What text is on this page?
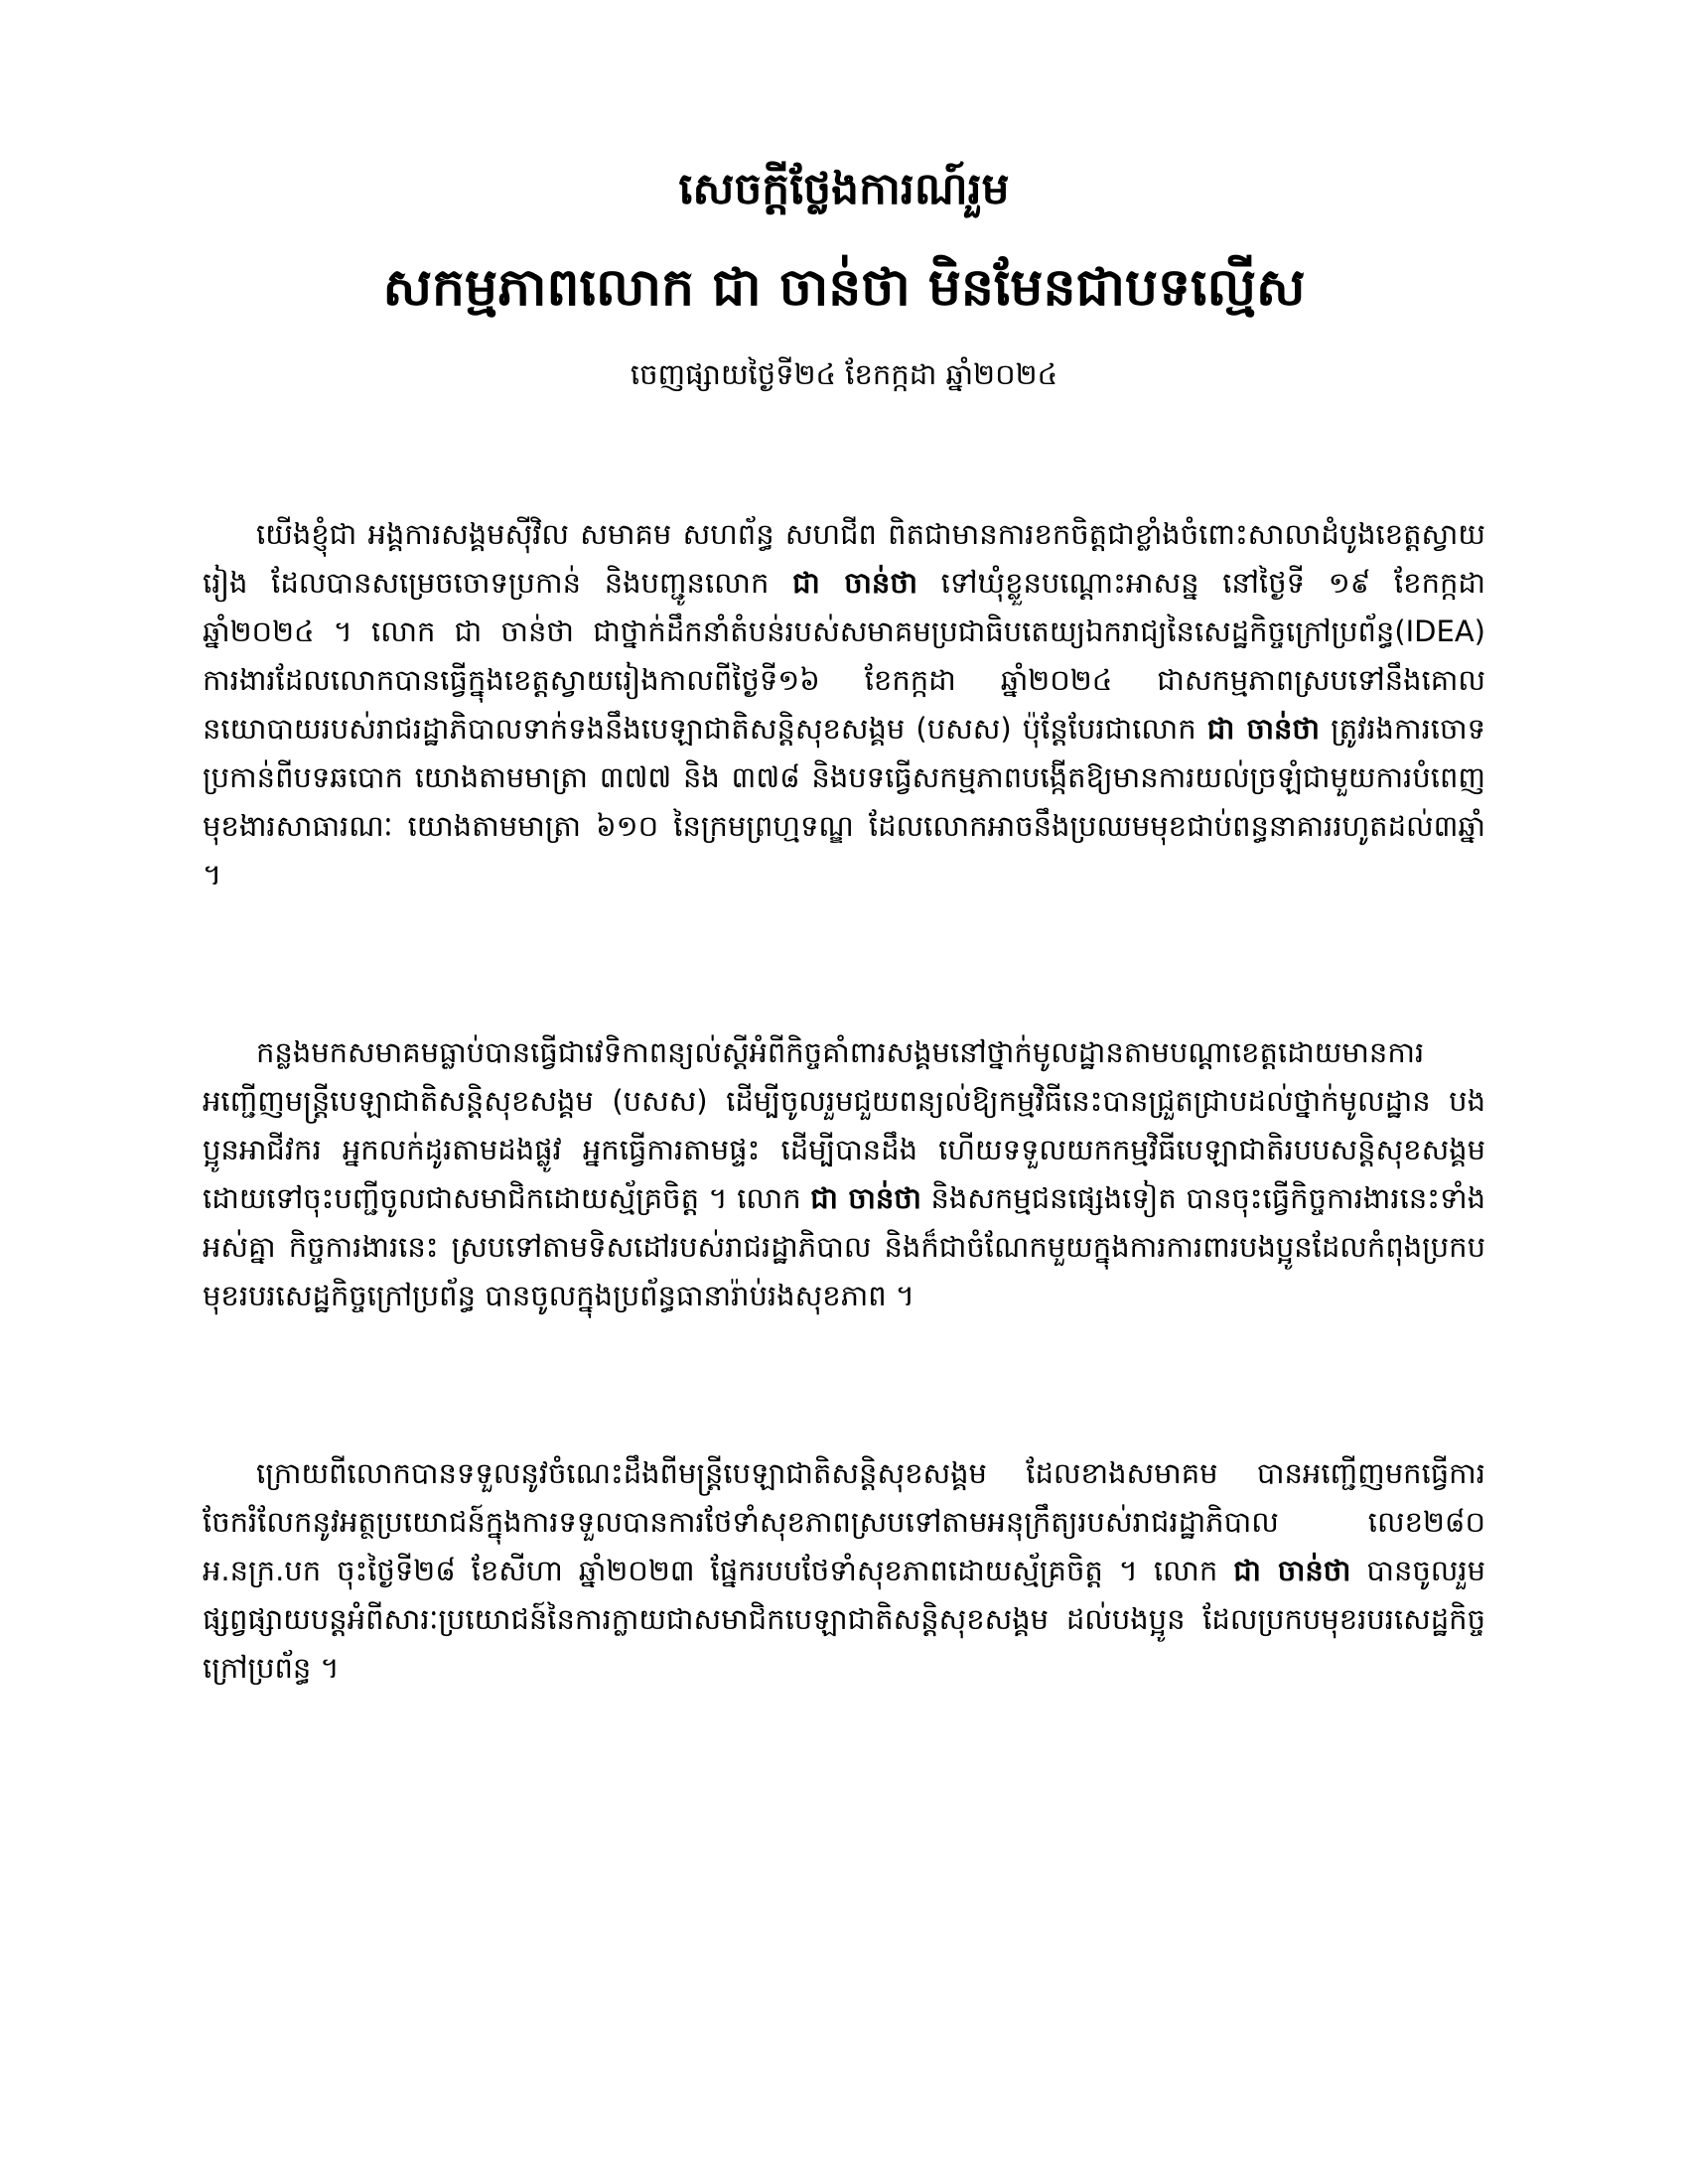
សេចក្តីថ្លែងការណ៍រួម
សកម្មភាពលោក ជា ចាន់ថា មិនមែនជាបទល្មើស
ចេញផ្សាយថ្ងៃទី២៤ ខែកក្កដា ឆ្នាំ២០២៤

យើងខ្ញុំជា អង្គការសង្គមស៊ីវិល សមាគម សហព័ន្ធ សហជីព ពិតជាមានការខកចិត្តជាខ្លាំងចំពោះសាលាដំបូងខេត្តស្វាយរៀង ដែលបានសម្រេចចោទប្រកាន់ និងបញ្ជូនលោក ជា ចាន់ថា ទៅឃុំខ្លួនបណ្តោះអាសន្ន នៅថ្ងៃទី ១៩ ខែកក្កដា ឆ្នាំ២០២៤ ។ លោក ជា ចាន់ថា ជាថ្នាក់ដឹកនាំតំបន់របស់សមាគមប្រជាធិបតេយ្យឯករាជ្យនៃសេដ្ឋកិច្ចក្រៅប្រព័ន្ធ(IDEA) ការងារដែលលោកបានធ្វើក្នុងខេត្តស្វាយរៀងកាលពីថ្ងៃទី១៦ ខែកក្កដា ឆ្នាំ២០២៤ ជាសកម្មភាពស្របទៅនឹងគោលនយោបាយរបស់រាជរដ្ឋាភិបាលទាក់ទងនឹងបេឡាជាតិសន្តិសុខសង្គម (បសស) ប៉ុន្តែបែរជាលោក ជា ចាន់ថា ត្រូវរងការចោទប្រកាន់ពីបទឆបោក យោងតាមមាត្រា ៣៧៧ និង ៣៧៨ និងបទធ្វើសកម្មភាពបង្កើតឱ្យមានការយល់ច្រឡំជាមួយការបំពេញមុខងារសាធារណៈ យោងតាមមាត្រា ៦១០ នៃក្រមព្រហ្មទណ្ឌ ដែលលោកអាចនឹងប្រឈមមុខជាប់ពន្ធនាគាររហូតដល់៣ឆ្នាំ ។

កន្លងមកសមាគមធ្លាប់បានធ្វើជាវេទិកាពន្យល់ស្តីអំពីកិច្ចគាំពារសង្គមនៅថ្នាក់មូលដ្ឋានតាមបណ្តាខេត្តដោយមានការអញ្ជើញមន្ត្រីបេឡាជាតិសន្តិសុខសង្គម (បសស) ដើម្បីចូលរួមជួយពន្យល់ឱ្យកម្មវិធីនេះបានជ្រួតជ្រាបដល់ថ្នាក់មូលដ្ឋាន បងប្អូនអាជីវករ អ្នកលក់ដូរតាមដងផ្លូវ អ្នកធ្វើការតាមផ្ទះ ដើម្បីបានដឹង ហើយទទួលយកកម្មវិធីបេឡាជាតិរបបសន្តិសុខសង្គម ដោយទៅចុះបញ្ជីចូលជាសមាជិកដោយស្ម័គ្រចិត្ត ។ លោក ជា ចាន់ថា និងសកម្មជនផ្សេងទៀត បានចុះធ្វើកិច្ចការងារនេះទាំងអស់គ្នា កិច្ចការងារនេះ ស្របទៅតាមទិសដៅរបស់រាជរដ្ឋាភិបាល និងក៏ជាចំណែកមួយក្នុងការការពារបងប្អូនដែលកំពុងប្រកបមុខរបរសេដ្ឋកិច្ចក្រៅប្រព័ន្ធ បានចូលក្នុងប្រព័ន្ធធានារ៉ាប់រងសុខភាព ។

ក្រោយពីលោកបានទទួលនូវចំណេះដឹងពីមន្ត្រីបេឡាជាតិសន្តិសុខសង្គម ដែលខាងសមាគម បានអញ្ជើញមកធ្វើការចែករំលែកនូវអត្ថប្រយោជន៍ក្នុងការទទួលបានការថែទាំសុខភាពស្របទៅតាមអនុក្រឹត្យរបស់រាជរដ្ឋាភិបាល លេខ២៨០ អ.នក្រ.បក ចុះថ្ងៃទី២៨ ខែសីហា ឆ្នាំ២០២៣ ផ្នែករបបថែទាំសុខភាពដោយស្ម័គ្រចិត្ត ។ លោក ជា ចាន់ថា បានចូលរួមផ្សព្វផ្សាយបន្តអំពីសារៈប្រយោជន៍នៃការក្លាយជាសមាជិកបេឡាជាតិសន្តិសុខសង្គម ដល់បងប្អូន ដែលប្រកបមុខរបរសេដ្ឋកិច្ចក្រៅប្រព័ន្ធ ។
